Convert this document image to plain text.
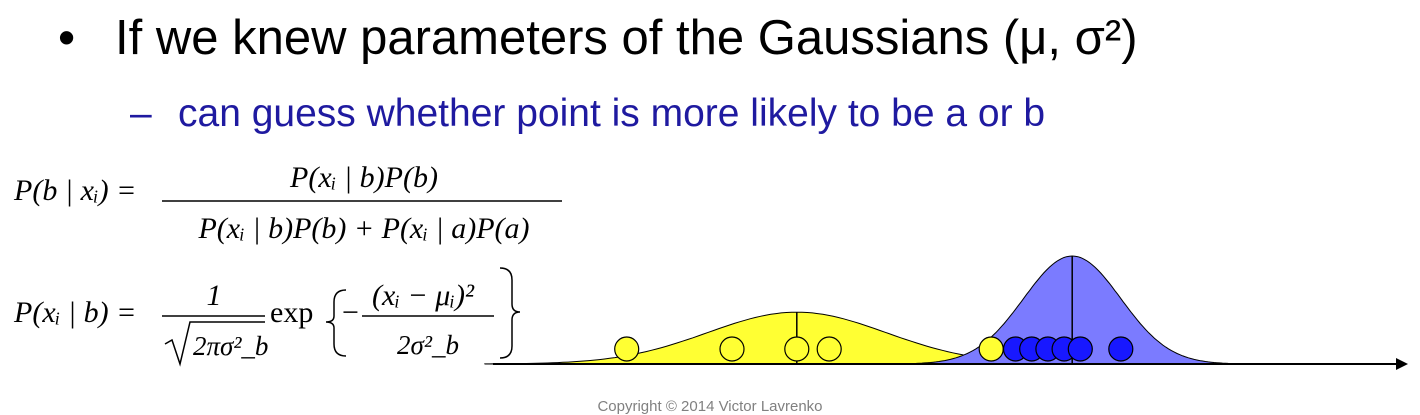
• If we knew parameters of the Gaussians (μ, σ²)
– can guess whether point is more likely to be a or b
P(b | xᵢ) =	P(xᵢ | b)P(b)
P(xᵢ | b)P(b) + P(xᵢ | a)P(a)
P(xᵢ | b) =
1
2πσ²_b
exp −
(xᵢ − μᵢ)²
2σ²_b
Copyright © 2014 Victor Lavrenko
